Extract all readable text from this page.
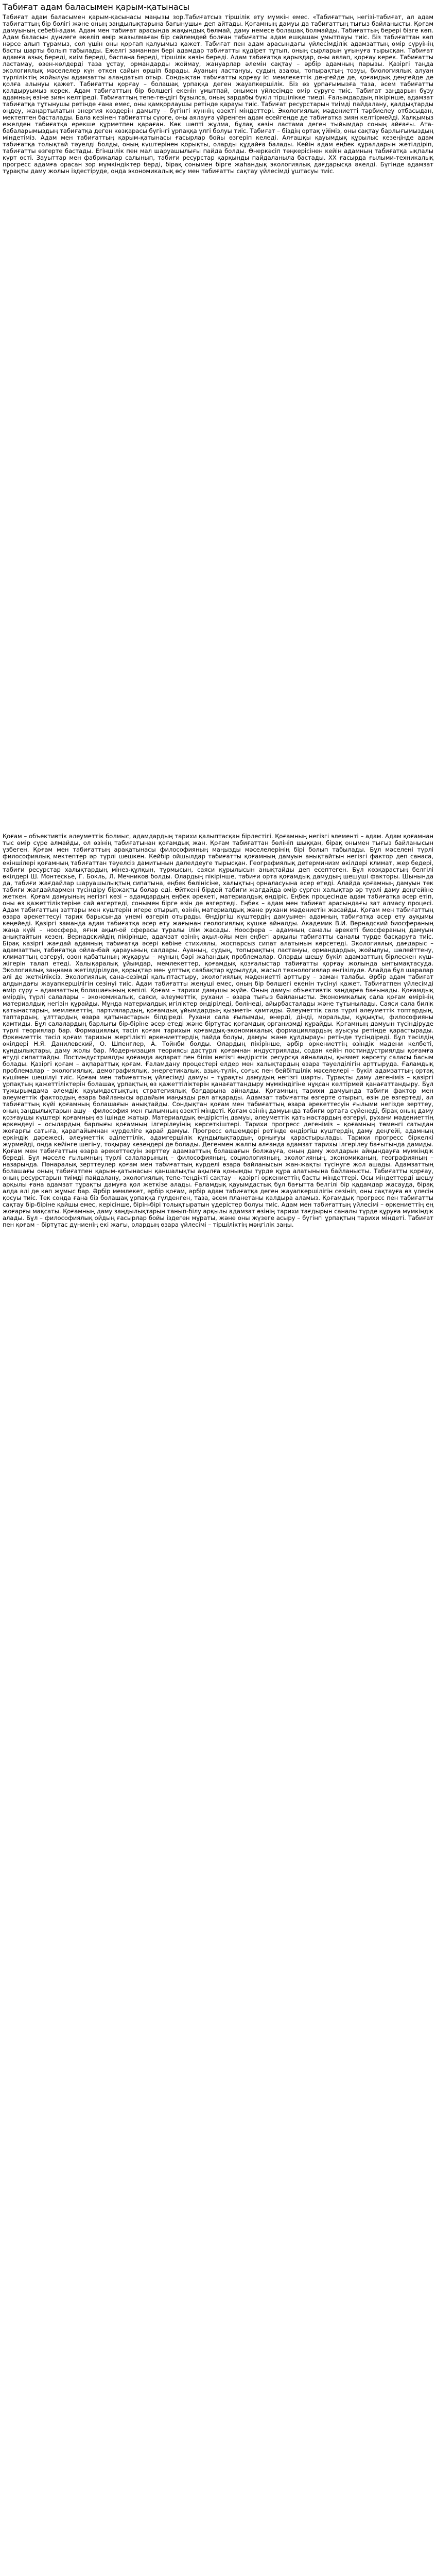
Табиғат адам баласымен қарым-қатынасы

Табиғат адам баласымен қарым-қасынасы маңызы зор.Табиғатсыз тіршілік ету мүмкін емес. «Табиғаттың негізі-табиғат, ал адам табиғаттың бір бөлігі және оның заңдылықтарына бағынушы» деп айтады. Қоғамның дамуы да табиғаттың тығыз байланысты. Қоғам дамуының себебі-адам. Адам мен табиғат арасында жақындық бөлмай, даму немесе болашақ болмайды. Табиғаттың берері бізге көп. Адам баласын дүниеге әкеліп өмір жазылмаған бір сөйлемдей болған табиғатты адам ешқашан ұмытпауы тиіс. Біз табиғаттан көп нәрсе алып тұрамыз, сол үшін оны қорғап қалуымыз қажет. Табиғат пен адам арасындағы үйлесімділік адамзаттың өмір сүруінің басты шарты болып табылады. Ежелгі заманнан бері адамдар табиғатты құдірет тұтып, оның сырларын ұғынуға тырысқан. Табиғат адамға азық береді, киім береді, баспана береді, тіршілік көзін береді. Адам табиғатқа қарыздар, оны аялап, қорғау керек. Табиғатты ластамау, өзен-көлдерді таза ұстау, ормандарды жоймау, жануарлар әлемін сақтау – әрбір адамның парызы. Қазіргі таңда экологиялық мәселелер күн өткен сайын өршіп барады. Ауаның ластануы, судың азаюы, топырақтың тозуы, биологиялық алуан түрліліктің жойылуы адамзатты алаңдатып отыр. Сондықтан табиғатты қорғау ісі мемлекеттік деңгейде де, қоғамдық деңгейде де қолға алынуы қажет. Табиғатты қорғау – болашақ ұрпаққа деген жауапкершілік. Біз өз ұрпағымызға таза, әсем табиғатты қалдыруымыз керек. Адам табиғаттың бір бөлшегі екенін ұмытпай, онымен үйлесімде өмір сүруге тиіс. Табиғат заңдарын бұзу адамның өзіне зиян келтіреді. Табиғаттың тепе-теңдігі бұзылса, оның зардабы бүкіл тіршілікке тиеді. Ғалымдардың пікірінше, адамзат табиғатқа тұтынушы ретінде ғана емес, оны қамқорлаушы ретінде қарауы тиіс. Табиғат ресурстарын тиімді пайдалану, қалдықтарды өңдеу, жаңартылатын энергия көздерін дамыту – бүгінгі күннің өзекті міндеттері. Экологиялық мәдениетті тәрбиелеу отбасыдан, мектептен басталады. Бала кезінен табиғатты сүюге, оны аялауға үйренген адам есейгенде де табиғатқа зиян келтірмейді. Халқымыз ежелден табиғатқа ерекше құрметпен қараған. Көк шөпті жұлма, бұлақ көзін ластама деген тыйымдар соның айғағы. Ата-бабаларымыздың табиғатқа деген көзқарасы бүгінгі ұрпаққа үлгі болуы тиіс. Табиғат – біздің ортақ үйіміз, оны сақтау барлығымыздың міндетіміз. Адам мен табиғаттың қарым-қатынасы ғасырлар бойы өзгеріп келеді. Алғашқы қауымдық құрылыс кезеңінде адам табиғатқа толықтай тәуелді болды, оның күштерінен қорықты, оларды құдайға балады. Кейін адам еңбек құралдарын жетілдіріп, табиғатты өзгерте бастады. Егіншілік пен мал шаруашылығы пайда болды. Өнеркәсіп төңкерісінен кейін адамның табиғатқа ықпалы күрт өсті. Зауыттар мен фабрикалар салынып, табиғи ресурстар қарқынды пайдаланыла бастады. ХХ ғасырда ғылыми-техникалық прогресс адамға орасан зор мүмкіндіктер берді, бірақ сонымен бірге жаһандық экологиялық дағдарысқа әкелді. Бүгінде адамзат тұрақты даму жолын іздестіруде, онда экономикалық өсу мен табиғатты сақтау үйлесімді ұштасуы тиіс.

Қоғам – объективтік әлеуметтік болмыс, адамдардың тарихи қалыптасқан бірлестігі. Қоғамның негізгі элементі – адам. Адам қоғамнан тыс өмір сүре алмайды, ол өзінің табиғатынан қоғамдық жан. Қоғам табиғаттан бөлініп шыққан, бірақ онымен тығыз байланысын үзбеген. Қоғам мен табиғаттың арақатынасы философияның маңызды мәселелерінің бірі болып табылады. Бұл мәселені түрлі философиялық мектептер әр түрлі шешкен. Кейбір ойшылдар табиғатты қоғамның дамуын анықтайтын негізгі фактор деп санаса, екіншілері қоғамның табиғаттан тәуелсіз дамитынын дәлелдеуге тырысқан. Географиялық детерминизм өкілдері климат, жер бедері, табиғи ресурстар халықтардың мінез-құлқын, тұрмысын, саяси құрылысын анықтайды деп есептеген. Бұл көзқарастың белгілі өкілдері Ш. Монтескье, Г. Бокль, Л. Мечников болды. Олардың пікірінше, табиғи орта қоғамдық дамудың шешуші факторы. Шынында да, табиғи жағдайлар шаруашылықтың сипатына, еңбек бөлінісіне, халықтың орналасуына әсер етеді. Алайда қоғамның дамуын тек табиғи жағдайлармен түсіндіру біржақты болар еді. Өйткені бірдей табиғи жағдайда өмір сүрген халықтар әр түрлі даму деңгейіне жеткен. Қоғам дамуының негізгі көзі – адамдардың еңбек әрекеті, материалдық өндіріс. Еңбек процесінде адам табиғатқа әсер етіп, оны өз қажеттіліктеріне сай өзгертеді, сонымен бірге өзін де өзгертеді. Еңбек – адам мен табиғат арасындағы зат алмасу процесі. Адам табиғаттың заттары мен күштерін игере отырып, өзінің материалдық және рухани мәдениетін жасайды. Қоғам мен табиғаттың өзара әрекеттесуі тарих барысында үнемі өзгеріп отырады. Өндіргіш күштердің дамуымен адамның табиғатқа әсер ету ауқымы кеңейеді. Қазіргі заманда адам табиғатқа әсер ету жағынан геологиялық күшке айналды. Академик В.И. Вернадский биосфераның жаңа күйі – ноосфера, яғни ақыл-ой сферасы туралы ілім жасады. Ноосфера – адамның саналы әрекеті биосфераның дамуын анықтайтын кезең. Вернадскийдің пікірінше, адамзат өзінің ақыл-ойы мен еңбегі арқылы табиғатты саналы түрде басқаруға тиіс. Бірақ қазіргі жағдай адамның табиғатқа әсері көбіне стихиялы, жоспарсыз сипат алатынын көрсетеді. Экологиялық дағдарыс – адамзаттың табиғатқа ойланбай қарауының салдары. Ауаның, судың, топырақтың ластануы, ормандардың жойылуы, шөлейттену, климаттың өзгеруі, озон қабатының жұқаруы – мұның бәрі жаһандық проблемалар. Оларды шешу бүкіл адамзаттың бірлескен күш-жігерін талап етеді. Халықаралық ұйымдар, мемлекеттер, қоғамдық қозғалыстар табиғатты қорғау жолында ынтымақтасуда. Экологиялық заңнама жетілдірілуде, қорықтар мен ұлттық саябақтар құрылуда, жасыл технологиялар енгізілуде. Алайда бұл шаралар әлі де жеткіліксіз. Экологиялық сана-сезімді қалыптастыру, экологиялық мәдениетті арттыру – заман талабы. Әрбір адам табиғат алдындағы жауапкершілігін сезінуі тиіс. Адам табиғатты жеңуші емес, оның бір бөлшегі екенін түсінуі қажет. Табиғатпен үйлесімді өмір сүру – адамзаттың болашағының кепілі. Қоғам – тарихи дамушы жүйе. Оның дамуы объективтік заңдарға бағынады. Қоғамдық өмірдің түрлі салалары – экономикалық, саяси, әлеуметтік, рухани – өзара тығыз байланысты. Экономикалық сала қоғам өмірінің материалдық негізін құрайды. Мұнда материалдық игіліктер өндіріледі, бөлінеді, айырбасталады және тұтынылады. Саяси сала билік қатынастарын, мемлекеттің, партиялардың, қоғамдық ұйымдардың қызметін қамтиды. Әлеуметтік сала түрлі әлеуметтік топтардың, таптардың, ұлттардың өзара қатынастарын білдіреді. Рухани сала ғылымды, өнерді, дінді, моральды, құқықты, философияны қамтиды. Бұл салалардың барлығы бір-біріне әсер етеді және біртұтас қоғамдық организмді құрайды. Қоғамның дамуын түсіндіруде түрлі теориялар бар. Формациялық тәсіл қоғам тарихын қоғамдық-экономикалық формациялардың ауысуы ретінде қарастырады. Өркениеттік тәсіл қоғам тарихын жергілікті өркениеттердің пайда болуы, дамуы және құлдырауы ретінде түсіндіреді. Бұл тәсілдің өкілдері Н.Я. Данилевский, О. Шпенглер, А. Тойнби болды. Олардың пікірінше, әрбір өркениеттің өзіндік мәдени келбеті, құндылықтары, даму жолы бар. Модернизация теориясы дәстүрлі қоғамнан индустриялды, содан кейін постиндустриялды қоғамға өтуді сипаттайды. Постиндустриялды қоғамда ақпарат пен білім негізгі өндірістік ресурсқа айналады, қызмет көрсету саласы басым болады. Қазіргі қоғам – ақпараттық қоғам. Ғаламдану процестері елдер мен халықтардың өзара тәуелділігін арттыруда. Ғаламдық проблемалар – экологиялық, демографиялық, энергетикалық, азық-түлік, соғыс пен бейбітшілік мәселелері – бүкіл адамзаттың ортақ күшімен шешілуі тиіс. Қоғам мен табиғаттың үйлесімді дамуы – тұрақты дамудың негізгі шарты. Тұрақты даму дегеніміз – қазіргі ұрпақтың қажеттіліктерін болашақ ұрпақтың өз қажеттіліктерін қанағаттандыру мүмкіндігіне нұқсан келтірмей қанағаттандыру. Бұл тұжырымдама әлемдік қауымдастықтың стратегиялық бағдарына айналды. Қоғамның тарихи дамуында табиғи фактор мен әлеуметтік фактордың өзара байланысы әрдайым маңызды рөл атқарады. Адамзат табиғатты өзгерте отырып, өзін де өзгертеді, ал табиғаттың күйі қоғамның болашағын анықтайды. Сондықтан қоғам мен табиғаттың өзара әрекеттесуін ғылыми негізде зерттеу, оның заңдылықтарын ашу – философия мен ғылымның өзекті міндеті. Қоғам өзінің дамуында табиғи ортаға сүйенеді, бірақ оның даму қозғаушы күштері қоғамның өз ішінде жатыр. Материалдық өндірістің дамуы, әлеуметтік қатынастардың өзгеруі, рухани мәдениеттің өркендеуі – осылардың барлығы қоғамның ілгерілеуінің көрсеткіштері. Тарихи прогресс дегеніміз – қоғамның төменгі сатыдан жоғарғы сатыға, қарапайымнан күрделіге қарай дамуы. Прогресс өлшемдері ретінде өндіргіш күштердің даму деңгейі, адамның еркіндік дәрежесі, әлеуметтік әділеттілік, адамгершілік құндылықтардың орнығуы қарастырылады. Тарихи прогресс біркелкі жүрмейді, онда кейінге шегіну, тоқырау кезеңдері де болады. Дегенмен жалпы алғанда адамзат тарихы ілгерілеу бағытында дамиды. Қоғам мен табиғаттың өзара әрекеттесуін зерттеу адамзаттың болашағын болжауға, оның даму жолдарын айқындауға мүмкіндік береді. Бұл мәселе ғылымның түрлі салаларының – философияның, социологияның, экологияның, экономиканың, географияның – назарында. Пәнаралық зерттеулер қоғам мен табиғаттың күрделі өзара байланысын жан-жақты түсінуге жол ашады. Адамзаттың болашағы оның табиғатпен қарым-қатынасын қаншалықты ақылға қонымды түрде құра алатынына байланысты. Табиғатты қорғау, оның ресурстарын тиімді пайдалану, экологиялық тепе-теңдікті сақтау – қазіргі өркениеттің басты міндеттері. Осы міндеттерді шешу арқылы ғана адамзат тұрақты дамуға қол жеткізе алады. Ғаламдық қауымдастық бұл бағытта белгілі бір қадамдар жасауда, бірақ алда әлі де көп жұмыс бар. Әрбір мемлекет, әрбір қоғам, әрбір адам табиғатқа деген жауапкершілігін сезініп, оны сақтауға өз үлесін қосуы тиіс. Тек сонда ғана біз болашақ ұрпаққа гүлденген, таза, әсем планетаны қалдыра аламыз. Қоғамдық прогресс пен табиғатты сақтау бір-біріне қайшы емес, керісінше, бірін-бірі толықтыратын үдерістер болуы тиіс. Адам мен табиғаттың үйлесімі – өркениеттің ең жоғарғы мақсаты. Қоғамның даму заңдылықтарын танып-білу арқылы адамзат өзінің тарихи тағдырын саналы түрде құруға мүмкіндік алады. Бұл – философиялық ойдың ғасырлар бойы іздеген мұраты, және оны жүзеге асыру – бүгінгі ұрпақтың тарихи міндеті. Табиғат пен қоғам – біртұтас дүниенің екі жағы, олардың өзара үйлесімі – тіршіліктің мәңгілік заңы.
